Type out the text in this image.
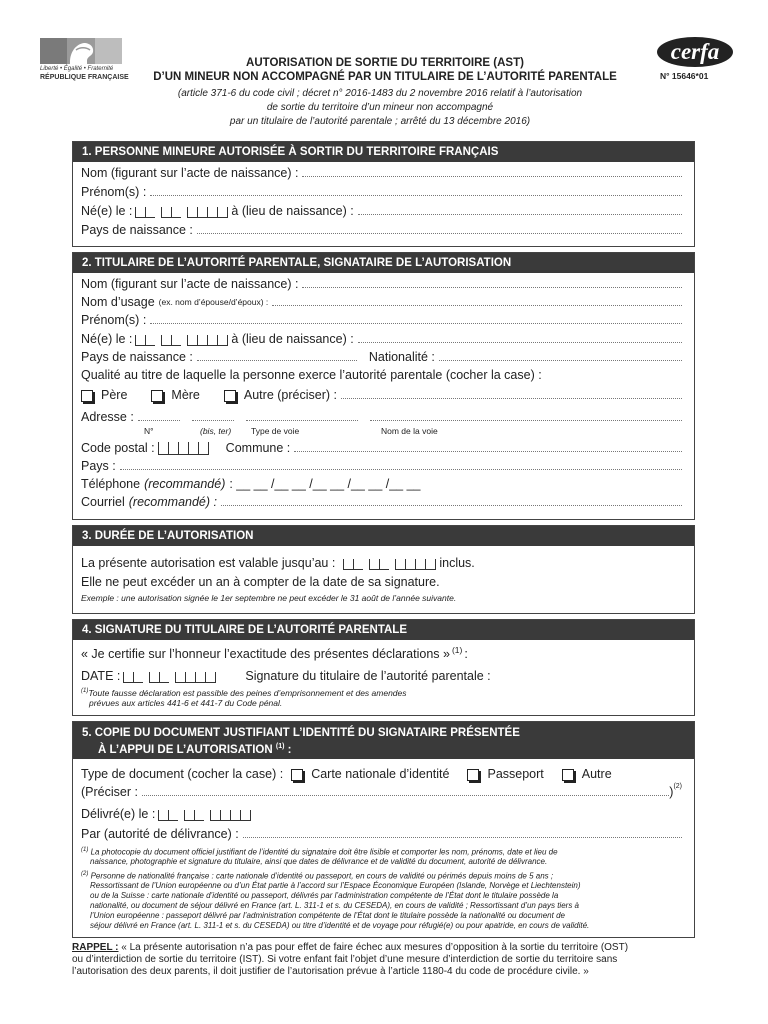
Liberté • Égalité • Fraternité
RÉPUBLIQUE FRANÇAISE
AUTORISATION DE SORTIE DU TERRITOIRE (AST)
D’UN MINEUR NON ACCOMPAGNÉ PAR UN TITULAIRE DE L’AUTORITÉ PARENTALE
(article 371-6 du code civil ; décret n° 2016-1483 du 2 novembre 2016 relatif à l’autorisation
de sortie du territoire d’un mineur non accompagné
par un titulaire de l’autorité parentale ; arrêté du 13 décembre 2016)
cerfa
N° 15646*01
1. PERSONNE MINEURE AUTORISÉE À SORTIR DU TERRITOIRE FRANÇAIS
Nom (figurant sur l’acte de naissance) :
Prénom(s) :
Né(e) le :	à (lieu de naissance) :
Pays de naissance :
2. TITULAIRE DE L’AUTORITÉ PARENTALE, SIGNATAIRE DE L’AUTORISATION
Nom (figurant sur l’acte de naissance) :
Nom d’usage (ex. nom d’épouse/d’époux) :
Prénom(s) :
Né(e) le :	à (lieu de naissance) :
Pays de naissance :	Nationalité :
Qualité au titre de laquelle la personne exerce l’autorité parentale (cocher la case) :
Père	Mère	Autre (préciser) :
Adresse :
N°	(bis, ter) Type de voie	Nom de la voie
Code postal :	Commune :
Pays :
Téléphone (recommandé) : __ __ /__ __ /__ __ /__ __ /__ __
Courriel (recommandé) :
3. DURÉE DE L’AUTORISATION
La présente autorisation est valable jusqu’au :	inclus.
Elle ne peut excéder un an à compter de la date de sa signature.
Exemple : une autorisation signée le 1er septembre ne peut excéder le 31 août de l’année suivante.
4. SIGNATURE DU TITULAIRE DE L’AUTORITÉ PARENTALE
« Je certifie sur l’honneur l’exactitude des présentes déclarations »$^{(1)}$ :
DATE :	Signature du titulaire de l’autorité parentale :
$^{(1)}$Toute fausse déclaration est passible des peines d’emprisonnement et des amendes
prévues aux articles 441-6 et 441-7 du Code pénal.
5. COPIE DU DOCUMENT JUSTIFIANT L’IDENTITÉ DU SIGNATAIRE PRÉSENTÉE
À L’APPUI DE L’AUTORISATION $^{(1)}$ :
Type de document (cocher la case) : Carte nationale d’identité	Passeport	Autre
(Préciser :	)$^{(2)}$
Délivré(e) le :
Par (autorité de délivrance) :
$^{(1)}$ La photocopie du document officiel justifiant de l’identité du signataire doit être lisible et comporter les nom, prénoms, date et lieu de
naissance, photographie et signature du titulaire, ainsi que dates de délivrance et de validité du document, autorité de délivrance.
$^{(2)}$ Personne de nationalité française : carte nationale d’identité ou passeport, en cours de validité ou périmés depuis moins de 5 ans ;
Ressortissant de l’Union européenne ou d’un État partie à l’accord sur l’Espace Économique Européen (Islande, Norvège et Liechtenstein)
ou de la Suisse : carte nationale d’identité ou passeport, délivrés par l’administration compétente de l’État dont le titulaire possède la
nationalité, ou document de séjour délivré en France (art. L. 311-1 et s. du CESEDA), en cours de validité ; Ressortissant d’un pays tiers à
l’Union européenne : passeport délivré par l’administration compétente de l’État dont le titulaire possède la nationalité ou document de
séjour délivré en France (art. L. 311-1 et s. du CESEDA) ou titre d’identité et de voyage pour réfugié(e) ou pour apatride, en cours de validité.
RAPPEL : « La présente autorisation n’a pas pour effet de faire échec aux mesures d’opposition à la sortie du territoire (OST)
ou d’interdiction de sortie du territoire (IST). Si votre enfant fait l’objet d’une mesure d’interdiction de sortie du territoire sans
l’autorisation des deux parents, il doit justifier de l’autorisation prévue à l’article 1180-4 du code de procédure civile. »
